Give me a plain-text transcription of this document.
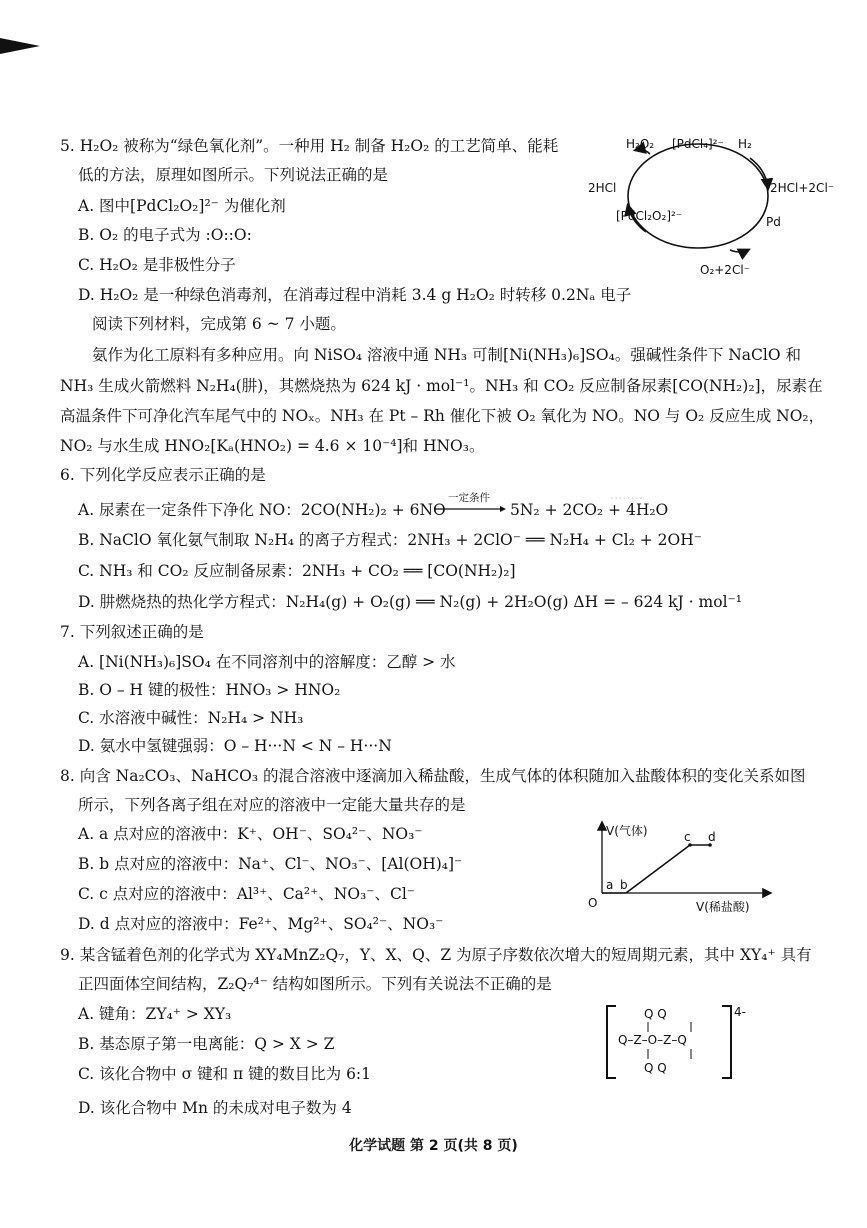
........
5. H₂O₂ 被称为“绿色氧化剂”。一种用 H₂ 制备 H₂O₂ 的工艺简单、能耗
低的方法，原理如图所示。下列说法正确的是
A. 图中[PdCl₂O₂]²⁻ 为催化剂
B. O₂ 的电子式为 :O::O:
C. H₂O₂ 是非极性分子
D. H₂O₂ 是一种绿色消毒剂，在消毒过程中消耗 3.4 g H₂O₂ 时转移 0.2Nₐ 电子
H₂O₂ [PdCl₄]²⁻ H₂
2HCl	2HCl+2Cl⁻
[PdCl₂O₂]²⁻	Pd
O₂+2Cl⁻
阅读下列材料，完成第 6 ~ 7 小题。
氨作为化工原料有多种应用。向 NiSO₄ 溶液中通 NH₃ 可制[Ni(NH₃)₆]SO₄。强碱性条件下 NaClO 和
NH₃ 生成火箭燃料 N₂H₄(肼)，其燃烧热为 624 kJ · mol⁻¹。NH₃ 和 CO₂ 反应制备尿素[CO(NH₂)₂]，尿素在
高温条件下可净化汽车尾气中的 NOₓ。NH₃ 在 Pt – Rh 催化下被 O₂ 氧化为 NO。NO 与 O₂ 反应生成 NO₂，
NO₂ 与水生成 HNO₂[Kₐ(HNO₂) = 4.6 × 10⁻⁴]和 HNO₃。
6. 下列化学反应表示正确的是
A. 尿素在一定条件下净化 NO：2CO(NH₂)₂ + 6NO
一定条件
5N₂ + 2CO₂ + 4H₂O
B. NaClO 氧化氨气制取 N₂H₄ 的离子方程式：2NH₃ + 2ClO⁻ ══ N₂H₄ + Cl₂ + 2OH⁻
C. NH₃ 和 CO₂ 反应制备尿素：2NH₃ + CO₂ ══ [CO(NH₂)₂]
D. 肼燃烧热的热化学方程式：N₂H₄(g) + O₂(g) ══ N₂(g) + 2H₂O(g) ΔH = – 624 kJ · mol⁻¹
7. 下列叙述正确的是
A. [Ni(NH₃)₆]SO₄ 在不同溶剂中的溶解度：乙醇 > 水
B. O – H 键的极性：HNO₃ > HNO₂
C. 水溶液中碱性：N₂H₄ > NH₃
D. 氨水中氢键强弱：O – H···N < N – H···N
8. 向含 Na₂CO₃、NaHCO₃ 的混合溶液中逐滴加入稀盐酸，生成气体的体积随加入盐酸体积的变化关系如图
所示，下列各离子组在对应的溶液中一定能大量共存的是
A. a 点对应的溶液中：K⁺、OH⁻、SO₄²⁻、NO₃⁻
B. b 点对应的溶液中：Na⁺、Cl⁻、NO₃⁻、[Al(OH)₄]⁻
C. c 点对应的溶液中：Al³⁺、Ca²⁺、NO₃⁻、Cl⁻
D. d 点对应的溶液中：Fe²⁺、Mg²⁺、SO₄²⁻、NO₃⁻
V(气体)
V(稀盐酸)
O
a b
c d
9. 某含锰着色剂的化学式为 XY₄MnZ₂Q₇，Y、X、Q、Z 为原子序数依次增大的短周期元素，其中 XY₄⁺ 具有
正四面体空间结构，Z₂Q₇⁴⁻ 结构如图所示。下列有关说法不正确的是
A. 键角：ZY₄⁺ > XY₃
B. 基态原子第一电离能：Q > X > Z
C. 该化合物中 σ 键和 π 键的数目比为 6:1
D. 该化合物中 Mn 的未成对电子数为 4
Q Q
Q–Z–O–Z–Q
Q Q
4-
化学试题 第 2 页(共 8 页)
